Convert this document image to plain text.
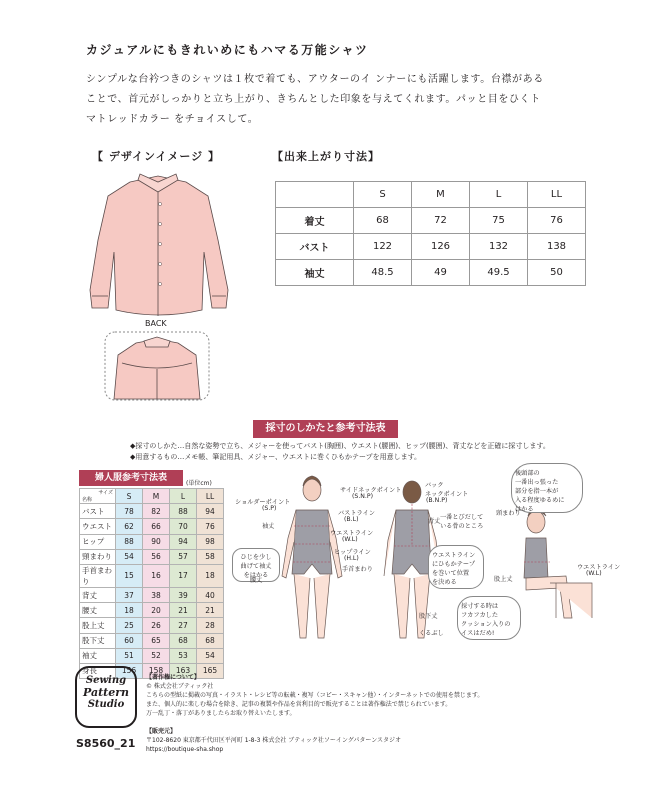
カジュアルにもきれいめにもハマる万能シャツ
シンプルな台衿つきのシャツは１枚で着ても、アウターのイ ンナーにも活躍します。台襟がある
ことで、首元がしっかりと立ち上がり、きちんとした印象を与えてくれます。パッと目をひくト
マトレッドカラー をチョイスして。
【 デザインイメージ 】	【出来上がり寸法】
BACK
	S	M	L	LL
着丈	68	72	75	76
バスト	122	126	132	138
袖丈	48.5	49	49.5	50
採寸のしかたと参考寸法表
◆採寸のしかた…自然な姿勢で立ち、メジャーを使ってバスト(胸囲)、ウエスト(腰囲)、ヒップ(腰囲)、背丈などを正確に採寸します。
◆用意するもの…メモ帳、筆記用具、メジャー、ウエストに巻くひもかテープを用意します。
婦人服参考寸法表
(単位cm)
サイズ
名称	S	M	L	LL
バスト	78	82	88	94
ウエスト	62	66	70	76
ヒップ	88	90	94	98
頸まわり	54	56	57	58
手首まわり	15	16	17	18
背丈	37	38	39	40
腰丈	18	20	21	21
股上丈	25	26	27	28
股下丈	60	65	68	68
袖丈	51	52	53	54
身長	156	158	163	165
ショルダーポイント
(S.P)
袖丈
ひじを少し
曲げて袖丈
をはかる
腰丈
サイドネックポイント
(S.N.P)
バストライン
(B.L)
ウエストライン
(W.L)
ヒップライン
(H.L)
手首まわり
バック
ネックポイント
(B.N.P)
背丈
一番とびだして
いる骨のところ
ウエストライン
にひもかテープ
を巻いて位置
を決める
股下丈
くるぶし
後頭部の
一番出っ張った
部分を指一本が
入る程度ゆるめに
はかる
頸まわり
股上丈
ウエストライン
(W.L)
採寸する時は
フカフカした
クッション入りの
イスはだめ!
Sewing
Pattern
Studio
S8560_21
【著作権について】
© 株式会社ブティック社
こちらの型紙に掲載の写真・イラスト・レシピ等の転載・複写（コピー・スキャン他）・インターネットでの使用を禁じます。
また、個人的に楽しむ場合を除き、記事の複製や作品を営利目的で販売することは著作権法で禁じられています。
万一乱丁・落丁がありましたらお取り替えいたします。
【販売元】
〒102-8620 東京都千代田区平河町 1-8-3 株式会社 ブティック社ソーイングパターンスタジオ
https://boutique-sha.shop
